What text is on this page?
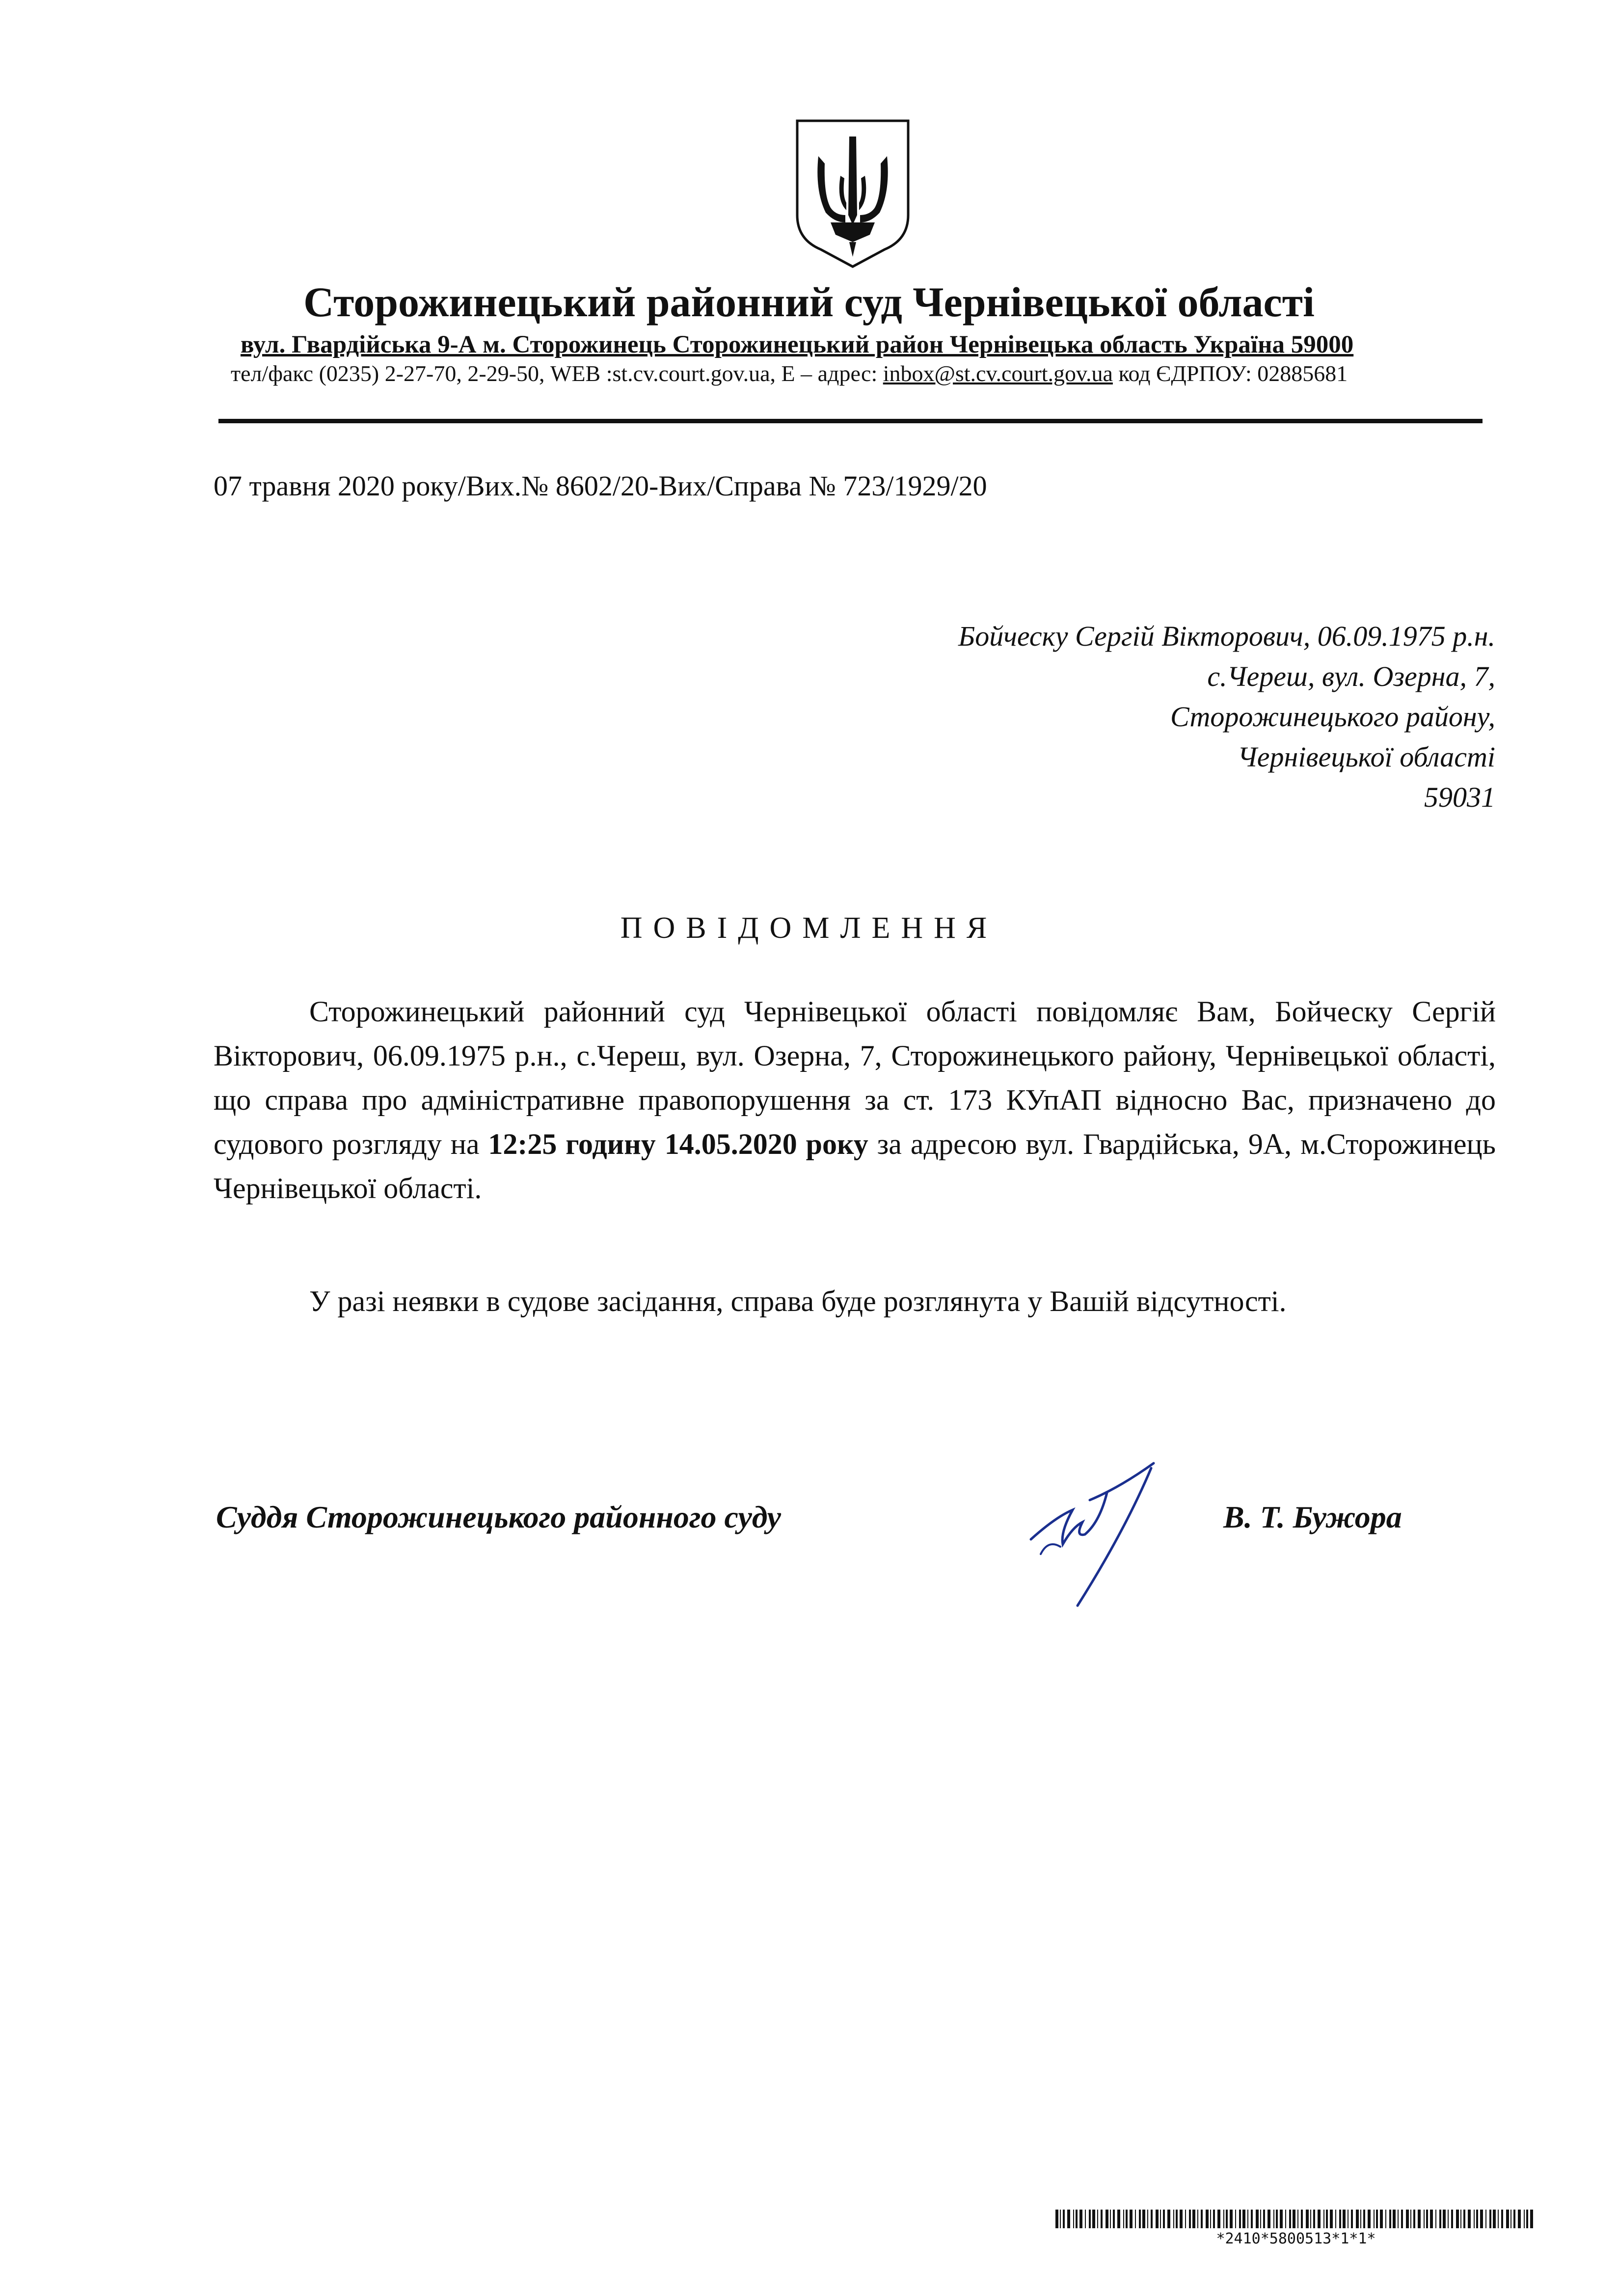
Сторожинецький районний суд Чернівецької області
вул. Гвардійська 9-А м. Сторожинець Сторожинецький район Чернівецька область Україна 59000
тел/факс (0235) 2-27-70, 2-29-50, WEB :st.cv.court.gov.ua, E – адрес: inbox@st.cv.court.gov.ua код ЄДРПОУ: 02885681
07 травня 2020 року/Вих.№ 8602/20-Вих/Справа № 723/1929/20
Бойческу Сергій Вікторович, 06.09.1975 р.н.
с.Череш, вул. Озерна, 7,
Сторожинецького району,
Чернівецької області
59031
ПОВІДОМЛЕННЯ
Сторожинецький районний суд Чернівецької області повідомляє Вам, Бойческу Сергій Вікторович, 06.09.1975 р.н., с.Череш, вул. Озерна, 7, Сторожинецького району, Чернівецької області, що справа про адміністративне правопорушення за ст. 173 КУпАП відносно Вас, призначено до судового розгляду на 12:25 годину 14.05.2020 року за адресою вул. Гвардійська, 9А, м.Сторожинець Чернівецької області.
У разі неявки в судове засідання, справа буде розглянута у Вашій відсутності.
Суддя Сторожинецького районного суду	В. Т. Бужора
*2410*5800513*1*1*
